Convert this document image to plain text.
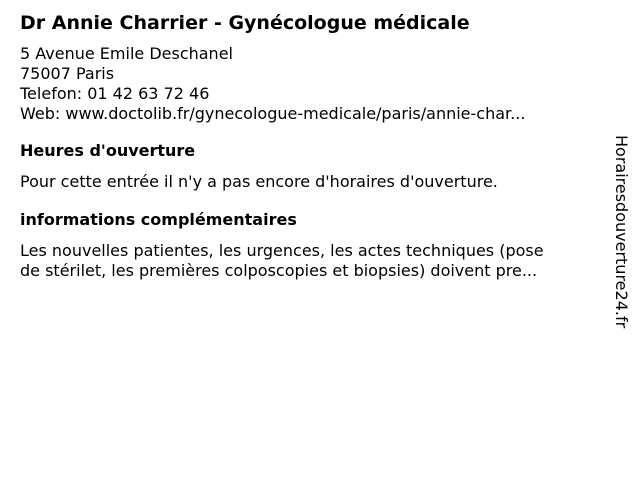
Dr Annie Charrier - Gynécologue médicale
5 Avenue Emile Deschanel
75007 Paris
Telefon: 01 42 63 72 46
Web: www.doctolib.fr/gynecologue-medicale/paris/annie-char...
Heures d'ouverture
Pour cette entrée il n'y a pas encore d'horaires d'ouverture.
informations complémentaires
Les nouvelles patientes, les urgences, les actes techniques (pose
de stérilet, les premières colposcopies et biopsies) doivent pre...	Horairesdouverture24.fr
